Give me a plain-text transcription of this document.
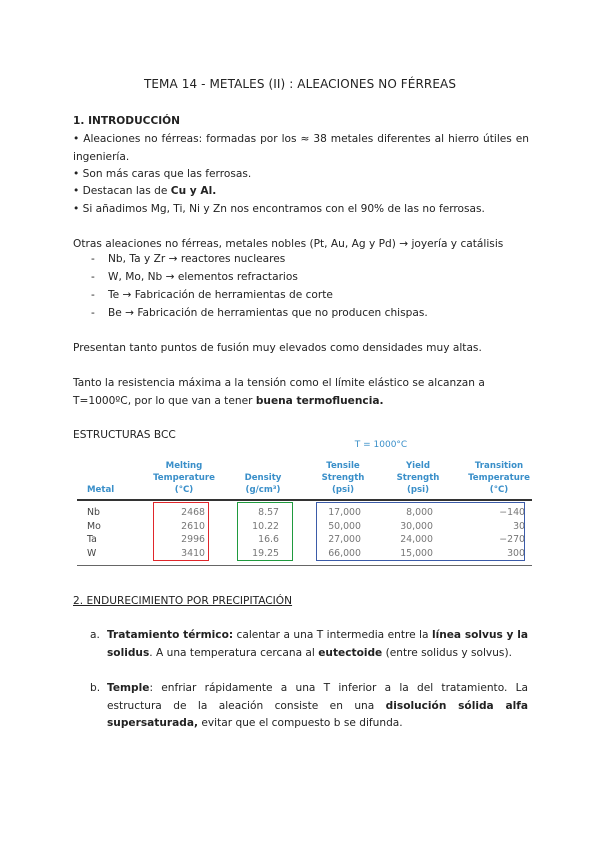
TEMA 14 - METALES (II) : ALEACIONES NO FÉRREAS
1. INTRODUCCIÓN
• Aleaciones no férreas: formadas por los ≈ 38 metales diferentes al hierro útiles en ingeniería.
• Son más caras que las ferrosas.
• Destacan las de Cu y Al.
• Si añadimos Mg, Ti, Ni y Zn nos encontramos con el 90% de las no ferrosas.
Otras aleaciones no férreas, metales nobles (Pt, Au, Ag y Pd) → joyería y catálisis
- Nb, Ta y Zr → reactores nucleares
- W, Mo, Nb → elementos refractarios
- Te → Fabricación de herramientas de corte
- Be → Fabricación de herramientas que no producen chispas.
Presentan tanto puntos de fusión muy elevados como densidades muy altas.
Tanto la resistencia máxima a la tensión como el límite elástico se alcanzan a T=1000ºC, por lo que van a tener buena termofluencia.
ESTRUCTURAS BCC
T = 1000°C
Melting
Temperature
(°C)
Density
(g/cm³)
Tensile
Strength
(psi)
Yield
Strength
(psi)
Transition
Temperature
(°C)
Metal
Nb
Mo
Ta
W
2468
2610
2996
3410
8.57
10.22
16.6
19.25
17,000
50,000
27,000
66,000
8,000
30,000
24,000
15,000
−140
30
−270
300
2. ENDURECIMIENTO POR PRECIPITACIÓN
a. Tratamiento térmico: calentar a una T intermedia entre la línea solvus y la solidus. A una temperatura cercana al eutectoide (entre solidus y solvus).
b. Temple: enfriar rápidamente a una T inferior a la del tratamiento. La estructura de la aleación consiste en una disolución sólida alfa supersaturada, evitar que el compuesto b se difunda.
